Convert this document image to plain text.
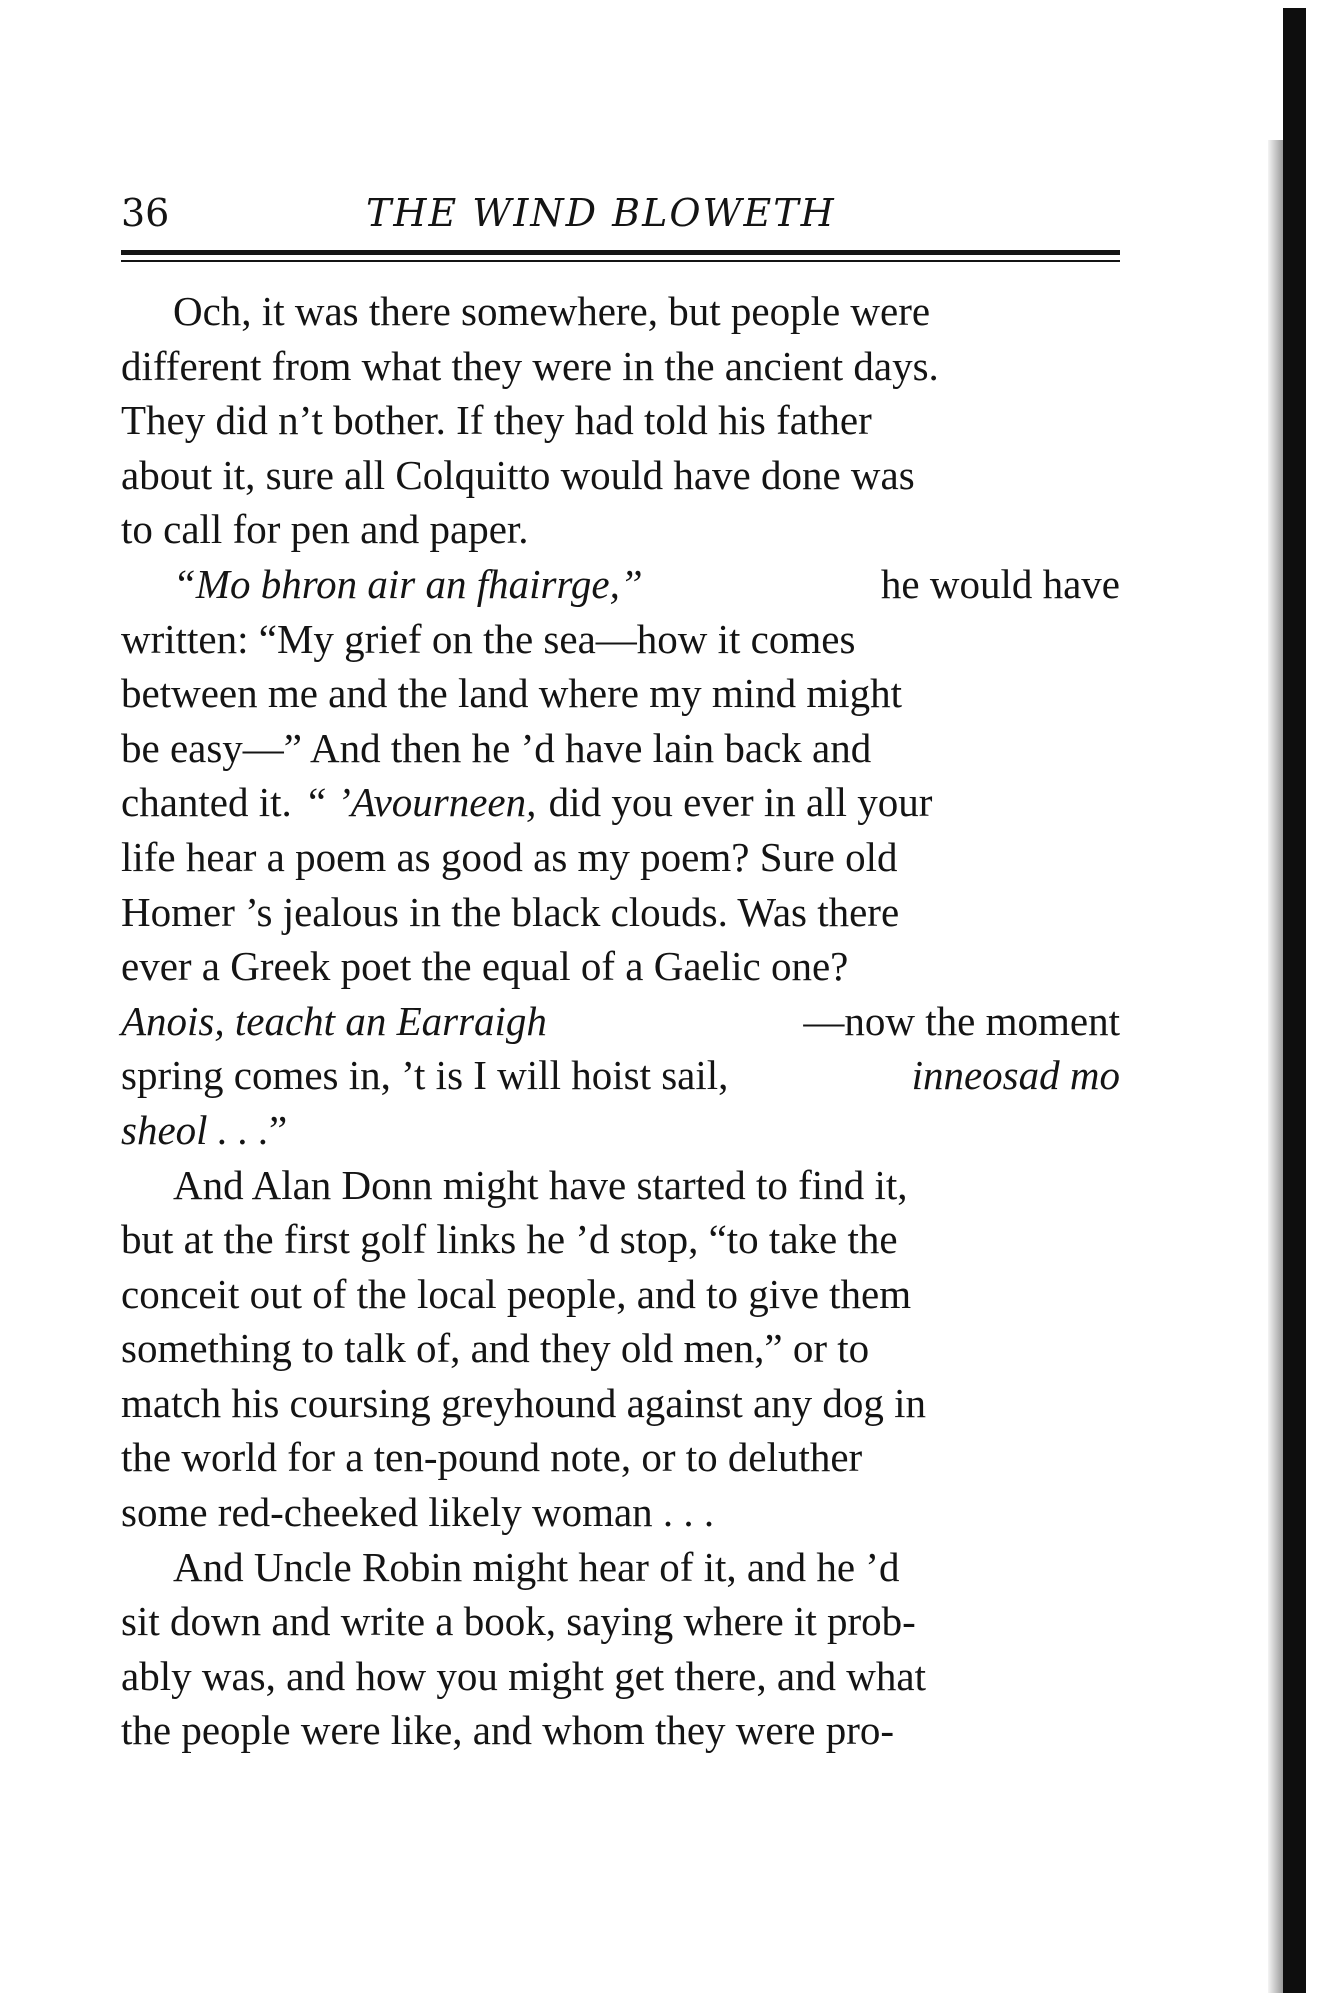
36	THE WIND BLOWETH
Och, it was there somewhere, but people were
different from what they were in the ancient days.
They did n’t bother. If they had told his father
about it, sure all Colquitto would have done was
to call for pen and paper.
“Mo bhron air an fhairrge,”	he would have
written: “My grief on the sea—how it comes
between me and the land where my mind might
be easy—” And then he ’d have lain back and
chanted it. “ ’Avourneen, did you ever in all your
life hear a poem as good as my poem? Sure old
Homer ’s jealous in the black clouds. Was there
ever a Greek poet the equal of a Gaelic one?
Anois, teacht an Earraigh	—now the moment
spring comes in, ’t is I will hoist sail,	inneosad mo
sheol . . . ”
And Alan Donn might have started to find it,
but at the first golf links he ’d stop, “to take the
conceit out of the local people, and to give them
something to talk of, and they old men,” or to
match his coursing greyhound against any dog in
the world for a ten-pound note, or to deluther
some red-cheeked likely woman . . .
And Uncle Robin might hear of it, and he ’d
sit down and write a book, saying where it prob-
ably was, and how you might get there, and what
the people were like, and whom they were pro-
